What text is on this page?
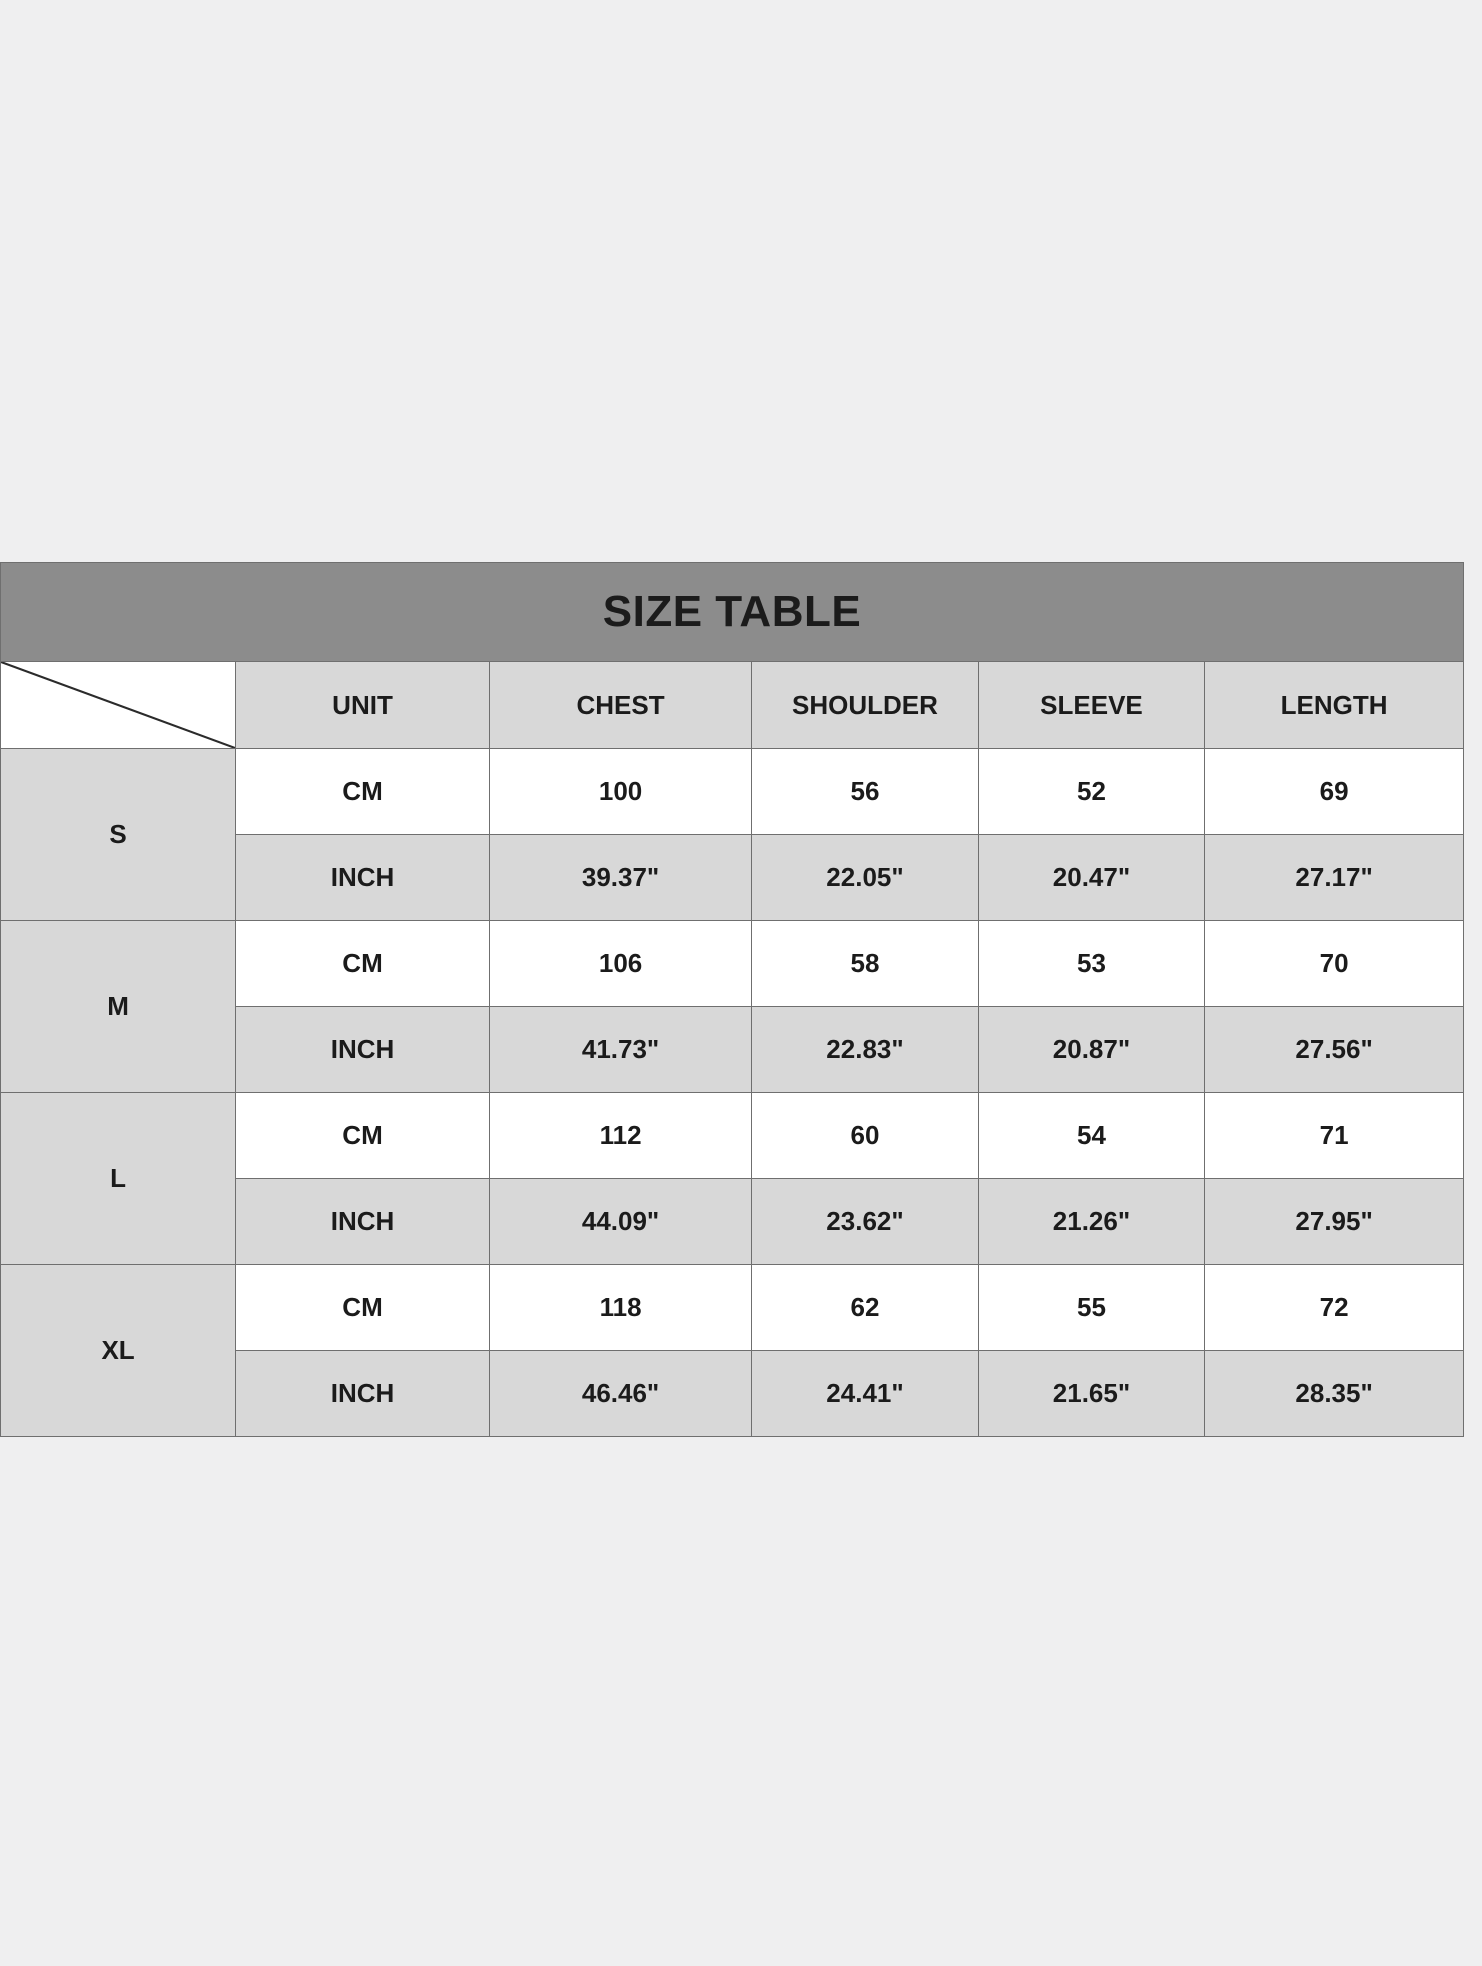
SIZE TABLE					

	UNIT	CHEST	SHOULDER	SLEEVE	LENGTH
S	CM	100	56	52	69
	INCH	39.37"	22.05"	20.47"	27.17"
M	CM	106	58	53	70
	INCH	41.73"	22.83"	20.87"	27.56"
L	CM	112	60	54	71
	INCH	44.09"	23.62"	21.26"	27.95"
XL	CM	118	62	55	72
	INCH	46.46"	24.41"	21.65"	28.35"
